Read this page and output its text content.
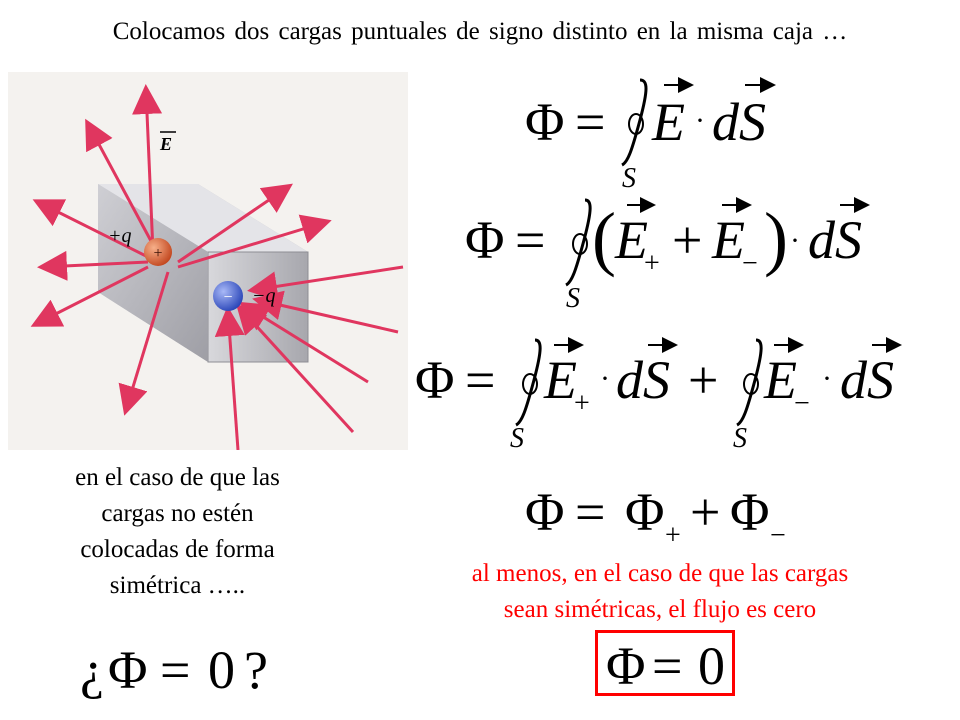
Colocamos dos cargas puntuales de signo distinto en la misma caja …
+
+q
− −q
E	Φ = E · dS
S
Φ = ( E
+ + E
− ) · dS
S
Φ = E
+
· dS + E
−
· dS
S	S
Φ = Φ + + Φ −
¿ Φ = 0 ?	Φ = 0
en el caso de que las
cargas no estén
colocadas de forma
simétrica …..	al menos, en el caso de que las cargas
sean simétricas, el flujo es cero
